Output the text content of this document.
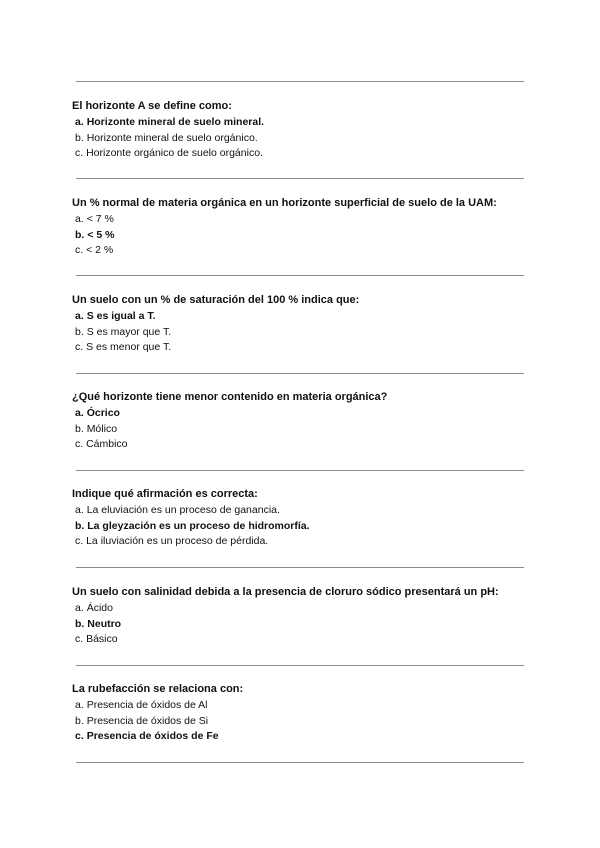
El horizonte A se define como:
a. Horizonte mineral de suelo mineral.
b. Horizonte mineral de suelo orgánico.
c. Horizonte orgánico de suelo orgánico.
Un % normal de materia orgánica en un horizonte superficial de suelo de la UAM:
a. < 7 %
b. < 5 %
c. < 2 %
Un suelo con un % de saturación del 100 % indica que:
a. S es igual a T.
b. S es mayor que T.
c. S es menor que T.
¿Qué horizonte tiene menor contenido en materia orgánica?
a. Ócrico
b. Mólico
c. Cámbico
Indique qué afirmación es correcta:
a. La eluviación es un proceso de ganancia.
b. La gleyzación es un proceso de hidromorfía.
c. La iluviación es un proceso de pérdida.
Un suelo con salinidad debida a la presencia de cloruro sódico presentará un pH:
a. Ácido
b. Neutro
c. Básico
La rubefacción se relaciona con:
a. Presencia de óxidos de Al
b. Presencia de óxidos de Si
c. Presencia de óxidos de Fe
